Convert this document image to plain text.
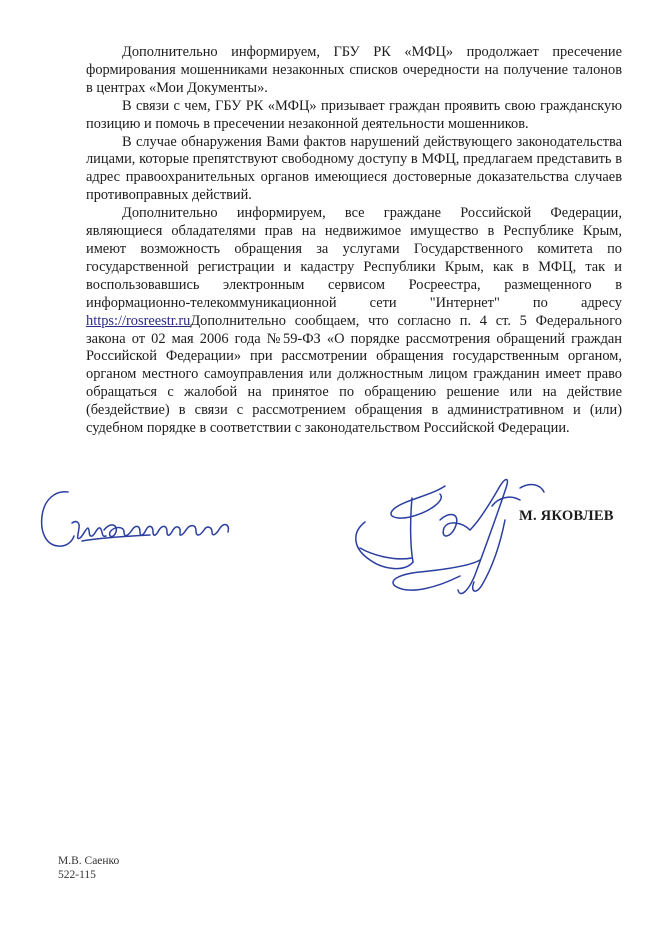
Дополнительно информируем, ГБУ РК «МФЦ» продолжает пресечение формирования мошенниками незаконных списков очередности на получение талонов в центрах «Мои Документы».

В связи с чем, ГБУ РК «МФЦ» призывает граждан проявить свою гражданскую позицию и помочь в пресечении незаконной деятельности мошенников.

В случае обнаружения Вами фактов нарушений действующего законодательства лицами, которые препятствуют свободному доступу в МФЦ, предлагаем представить в адрес правоохранительных органов имеющиеся достоверные доказательства случаев противоправных действий.

Дополнительно информируем, все граждане Российской Федерации, являющиеся обладателями прав на недвижимое имущество в Республике Крым, имеют возможность обращения за услугами Государственного комитета по государственной регистрации и кадастру Республики Крым, как в МФЦ, так и воспользовавшись электронным сервисом Росреестра, размещенного в информационно-телекоммуникационной сети "Интернет" по адресу https://rosreestr.ruДополнительно сообщаем, что согласно п. 4 ст. 5 Федерального закона от 02 мая 2006 года №59-ФЗ «О порядке рассмотрения обращений граждан Российской Федерации» при рассмотрении обращения государственным органом, органом местного самоуправления или должностным лицом гражданин имеет право обращаться с жалобой на принятое по обращению решение или на действие (бездействие) в связи с рассмотрением обращения в административном и (или) судебном порядке в соответствии с законодательством Российской Федерации.

М. ЯКОВЛЕВ
М.В. Саенко
522-115
